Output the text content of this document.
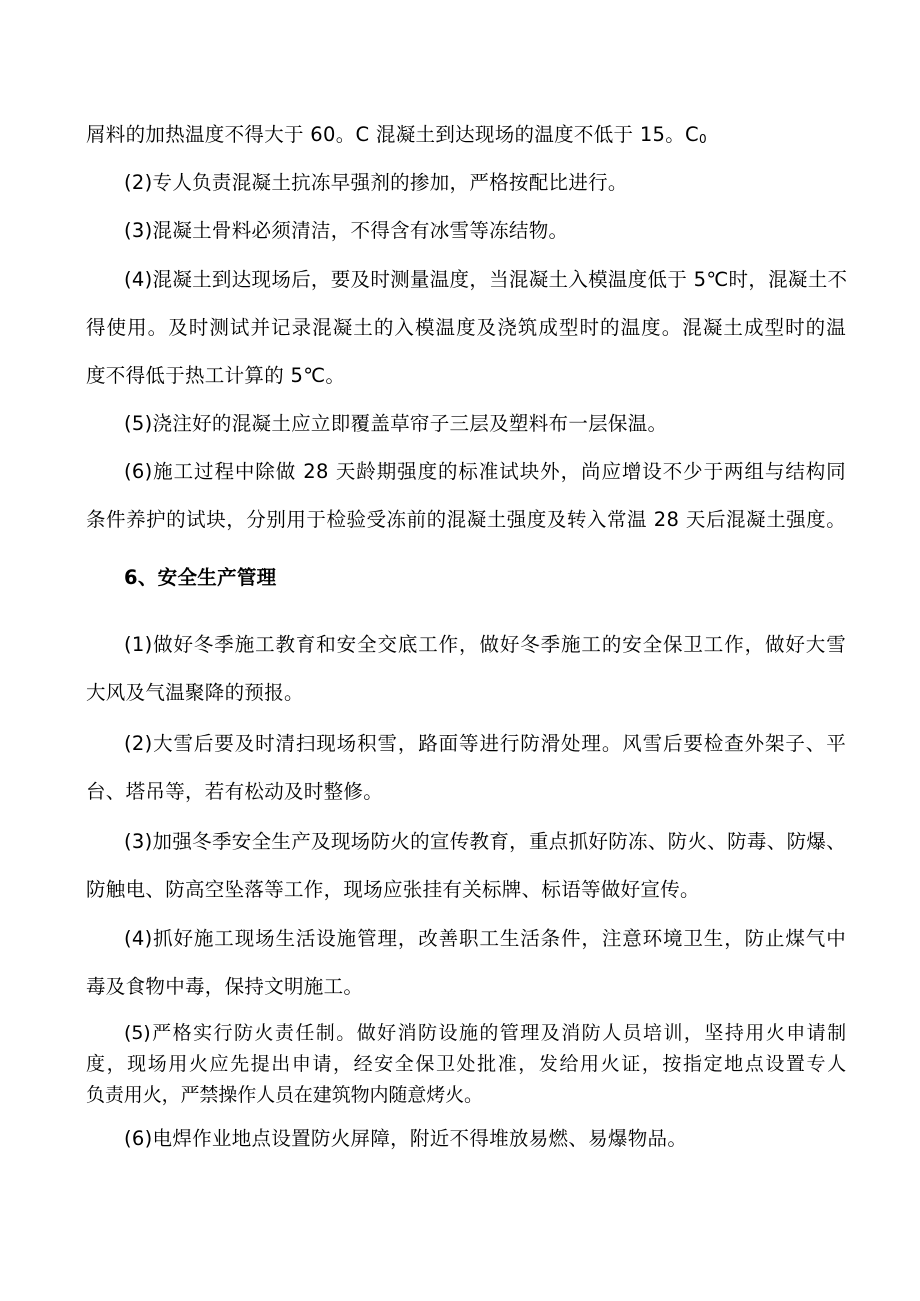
屑料的加热温度不得大于 60。C 混凝土到达现场的温度不低于 15。$C_0$

(2)专人负责混凝土抗冻早强剂的掺加，严格按配比进行。

(3)混凝土骨料必须清洁，不得含有冰雪等冻结物。

(4)混凝土到达现场后，要及时测量温度，当混凝土入模温度低于 5℃时，混凝土不

得使用。及时测试并记录混凝土的入模温度及浇筑成型时的温度。混凝土成型时的温

度不得低于热工计算的 5℃。

(5)浇注好的混凝土应立即覆盖草帘子三层及塑料布一层保温。

(6)施工过程中除做 28 天龄期强度的标准试块外，尚应增设不少于两组与结构同

条件养护的试块，分别用于检验受冻前的混凝土强度及转入常温 28 天后混凝土强度。

6、安全生产管理

(1)做好冬季施工教育和安全交底工作，做好冬季施工的安全保卫工作，做好大雪

大风及气温聚降的预报。

(2)大雪后要及时清扫现场积雪，路面等进行防滑处理。风雪后要检查外架子、平

台、塔吊等，若有松动及时整修。

(3)加强冬季安全生产及现场防火的宣传教育，重点抓好防冻、防火、防毒、防爆、

防触电、防高空坠落等工作，现场应张挂有关标牌、标语等做好宣传。

(4)抓好施工现场生活设施管理，改善职工生活条件，注意环境卫生，防止煤气中

毒及食物中毒，保持文明施工。

(5)严格实行防火责任制。做好消防设施的管理及消防人员培训，坚持用火申请制

度，现场用火应先提出申请，经安全保卫处批准，发给用火证，按指定地点设置专人

负责用火，严禁操作人员在建筑物内随意烤火。

(6)电焊作业地点设置防火屏障，附近不得堆放易燃、易爆物品。
